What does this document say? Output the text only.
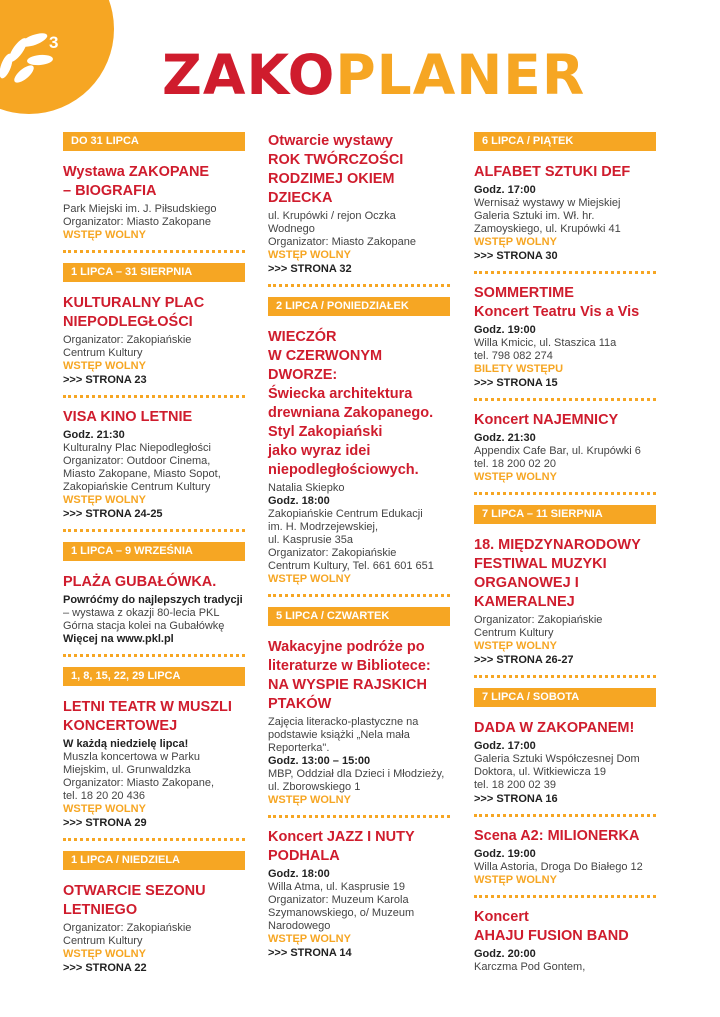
3
ZAKOPLANER
DO 31 LIPCA
Wystawa ZAKOPANE
– BIOGRAFIA
Park Miejski im. J. Piłsudskiego
Organizator: Miasto Zakopane
WSTĘP WOLNY
1 LIPCA – 31 SIERPNIA
KULTURALNY PLAC
NIEPODLEGŁOŚCI
Organizator: Zakopiańskie
Centrum Kultury
WSTĘP WOLNY
>>> STRONA 23
VISA KINO LETNIE
Godz. 21:30
Kulturalny Plac Niepodległości
Organizator: Outdoor Cinema,
Miasto Zakopane, Miasto Sopot,
Zakopiańskie Centrum Kultury
WSTĘP WOLNY
>>> STRONA 24-25
1 LIPCA – 9 WRZEŚNIA
PLAŻA GUBAŁÓWKA.
Powróćmy do najlepszych tradycji
– wystawa z okazji 80-lecia PKL
Górna stacja kolei na Gubałówkę
Więcej na www.pkl.pl
1, 8, 15, 22, 29 LIPCA
LETNI TEATR W MUSZLI
KONCERTOWEJ
W każdą niedzielę lipca!
Muszla koncertowa w Parku
Miejskim, ul. Grunwaldzka
Organizator: Miasto Zakopane,
tel. 18 20 20 436
WSTĘP WOLNY
>>> STRONA 29
1 LIPCA / NIEDZIELA
OTWARCIE SEZONU
LETNIEGO
Organizator: Zakopiańskie
Centrum Kultury
WSTĘP WOLNY
>>> STRONA 22
Otwarcie wystawy
ROK TWÓRCZOŚCI
RODZIMEJ OKIEM
DZIECKA
ul. Krupówki / rejon Oczka
Wodnego
Organizator: Miasto Zakopane
WSTĘP WOLNY
>>> STRONA 32
2 LIPCA / PONIEDZIAŁEK
WIECZÓR
W CZERWONYM
DWORZE:
Świecka architektura
drewniana Zakopanego.
Styl Zakopiański
jako wyraz idei
niepodległościowych.
Natalia Skiepko
Godz. 18:00
Zakopiańskie Centrum Edukacji
im. H. Modrzejewskiej,
ul. Kasprusie 35a
Organizator: Zakopiańskie
Centrum Kultury, Tel. 661 601 651
WSTĘP WOLNY
5 LIPCA / CZWARTEK
Wakacyjne podróże po
literaturze w Bibliotece:
NA WYSPIE RAJSKICH
PTAKÓW
Zajęcia literacko-plastyczne na
podstawie książki „Nela mała
Reporterka".
Godz. 13:00 – 15:00
MBP, Oddział dla Dzieci i Młodzieży,
ul. Zborowskiego 1
WSTĘP WOLNY
Koncert JAZZ I NUTY
PODHALA
Godz. 18:00
Willa Atma, ul. Kasprusie 19
Organizator: Muzeum Karola
Szymanowskiego, o/ Muzeum
Narodowego
WSTĘP WOLNY
>>> STRONA 14
6 LIPCA / PIĄTEK
ALFABET SZTUKI DEF
Godz. 17:00
Wernisaż wystawy w Miejskiej
Galeria Sztuki im. Wł. hr.
Zamoyskiego, ul. Krupówki 41
WSTĘP WOLNY
>>> STRONA 30
SOMMERTIME
Koncert Teatru Vis a Vis
Godz. 19:00
Willa Kmicic, ul. Staszica 11a
tel. 798 082 274
BILETY WSTĘPU
>>> STRONA 15
Koncert NAJEMNICY
Godz. 21:30
Appendix Cafe Bar, ul. Krupówki 6
tel. 18 200 02 20
WSTĘP WOLNY
7 LIPCA – 11 SIERPNIA
18. MIĘDZYNARODOWY
FESTIWAL MUZYKI
ORGANOWEJ I
KAMERALNEJ
Organizator: Zakopiańskie
Centrum Kultury
WSTĘP WOLNY
>>> STRONA 26-27
7 LIPCA / SOBOTA
DADA W ZAKOPANEM!
Godz. 17:00
Galeria Sztuki Współczesnej Dom
Doktora, ul. Witkiewicza 19
tel. 18 200 02 39
>>> STRONA 16
Scena A2: MILIONERKA
Godz. 19:00
Willa Astoria, Droga Do Białego 12
WSTĘP WOLNY
Koncert
AHAJU FUSION BAND
Godz. 20:00
Karczma Pod Gontem,
